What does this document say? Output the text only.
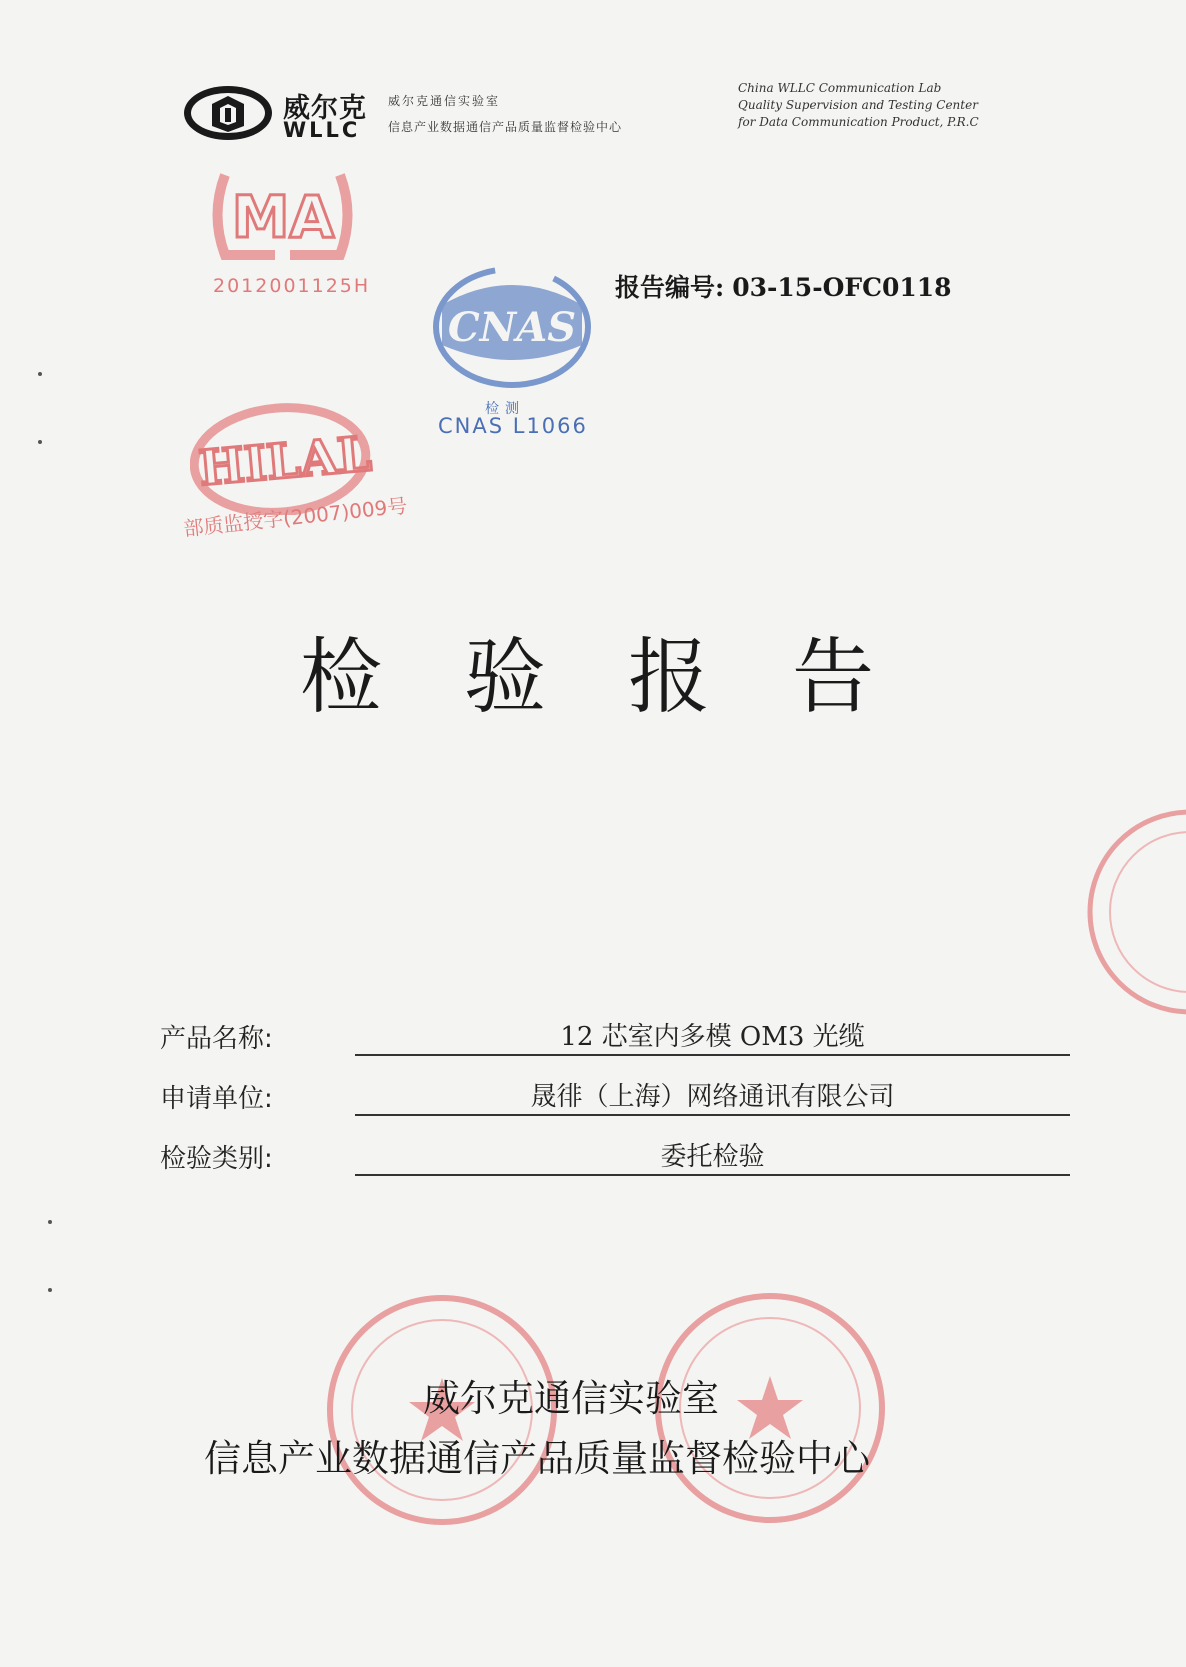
威尔克
WLLC
威尔克通信实验室
信息产业数据通信产品质量监督检验中心
China WLLC Communication Lab
Quality Supervision and Testing Center
for Data Communication Product, P.R.C
MA
2012001125H
CNAS
检测
CNAS L1066
HILAL
部质监授字(2007)009号
报告编号: 03-15-OFC0118
检 验 报 告
产品名称:	12 芯室内多模 OM3 光缆
申请单位:	晟徘（上海）网络通讯有限公司
检验类别:	委托检验
威尔克通信实验室
信息产业数据通信产品质量监督检验中心
